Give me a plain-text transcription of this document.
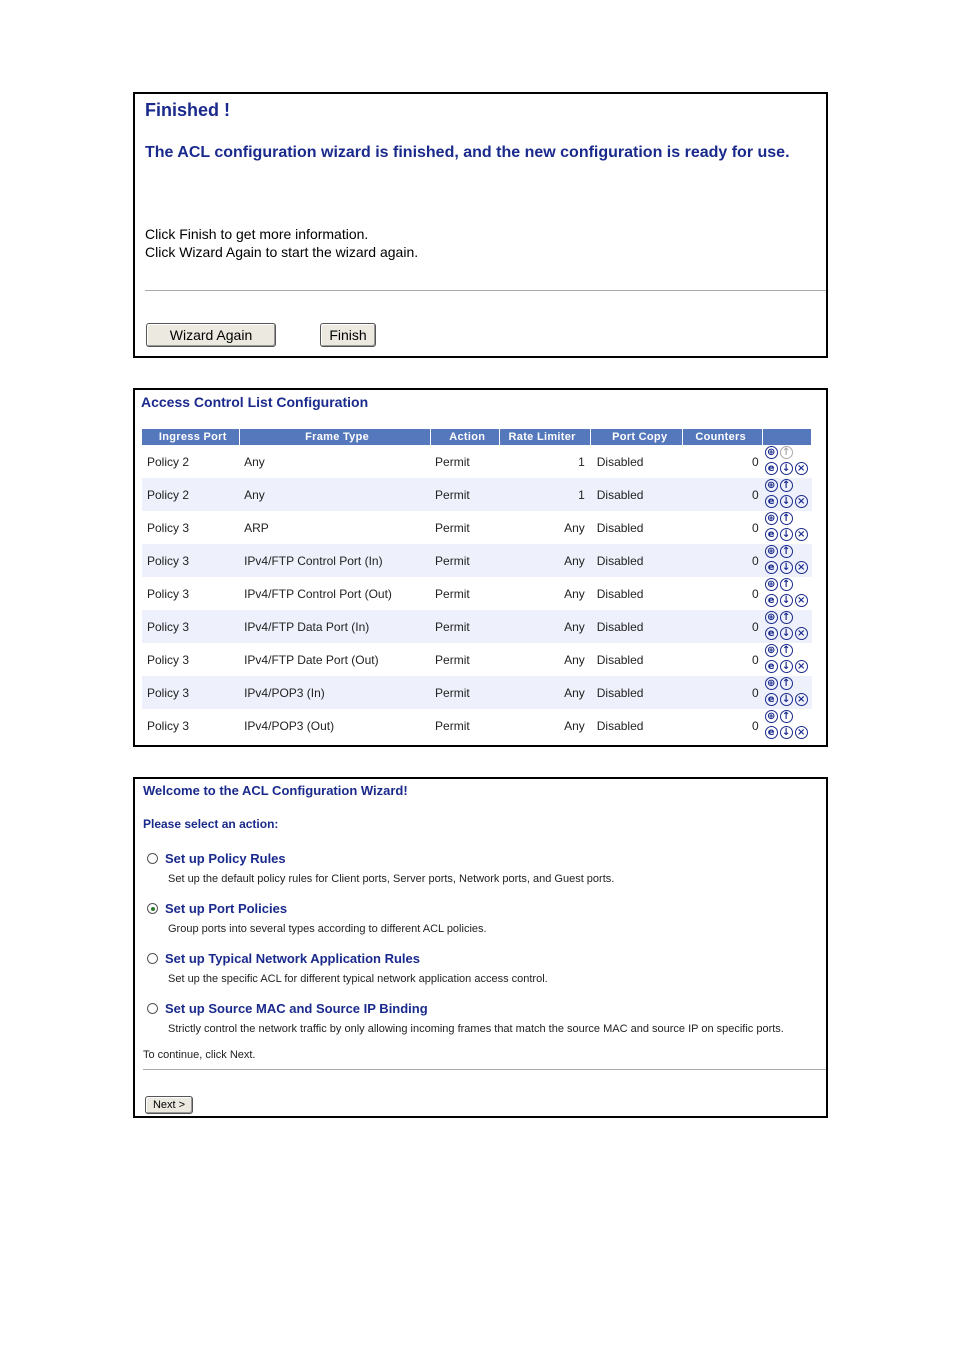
Finished !
The ACL configuration wizard is finished, and the new configuration is ready for use.
Click Finish to get more information.
Click Wizard Again to start the wizard again.
Wizard Again	Finish
Access Control List Configuration
Ingress Port	Frame Type	Action	Rate Limiter	Port Copy	Counters	
Policy 2	Any	Permit	1	Disabled	0	⊕ ↑
e ↓ ×

Policy 2	Any	Permit	1	Disabled	0	⊕ ↑
e ↓ ×

Policy 3	ARP	Permit	Any	Disabled	0	⊕ ↑
e ↓ ×

Policy 3	IPv4/FTP Control Port (In)	Permit	Any	Disabled	0	⊕ ↑
e ↓ ×

Policy 3	IPv4/FTP Control Port (Out)	Permit	Any	Disabled	0	⊕ ↑
e ↓ ×

Policy 3	IPv4/FTP Data Port (In)	Permit	Any	Disabled	0	⊕ ↑
e ↓ ×

Policy 3	IPv4/FTP Date Port (Out)	Permit	Any	Disabled	0	⊕ ↑
e ↓ ×

Policy 3	IPv4/POP3 (In)	Permit	Any	Disabled	0	⊕ ↑
e ↓ ×

Policy 3	IPv4/POP3 (Out)	Permit	Any	Disabled	0	⊕ ↑
e ↓ ×
Welcome to the ACL Configuration Wizard!
Please select an action:
Set up Policy Rules
Set up the default policy rules for Client ports, Server ports, Network ports, and Guest ports.
Set up Port Policies
Group ports into several types according to different ACL policies.
Set up Typical Network Application Rules
Set up the specific ACL for different typical network application access control.
Set up Source MAC and Source IP Binding
Strictly control the network traffic by only allowing incoming frames that match the source MAC and source IP on specific ports.
To continue, click Next.
Next >
